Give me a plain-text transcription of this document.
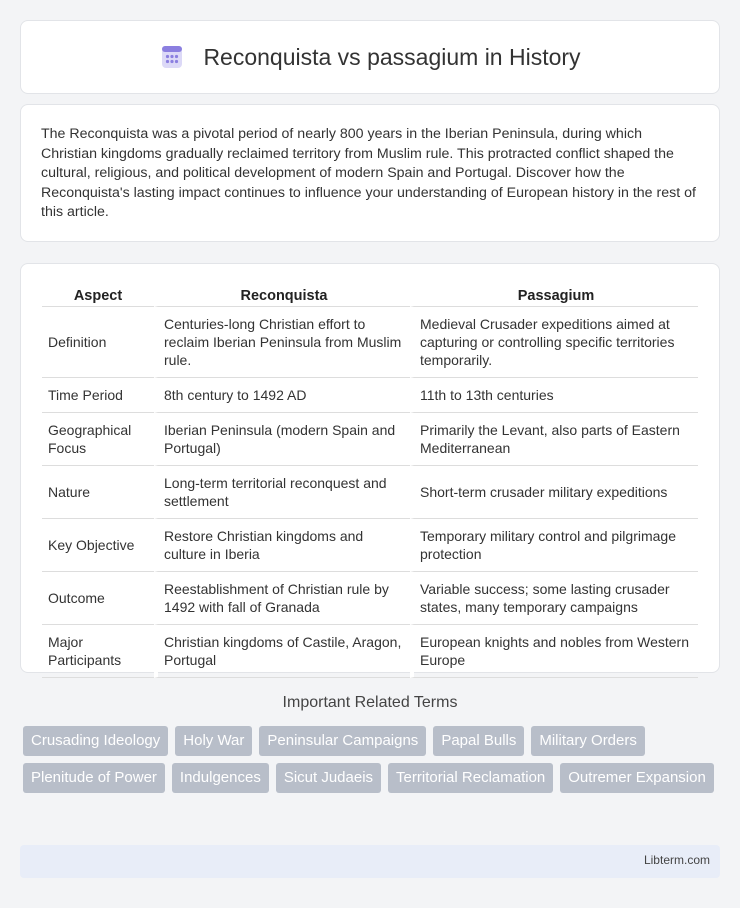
Reconquista vs passagium in History

The Reconquista was a pivotal period of nearly 800 years in the Iberian Peninsula, during which Christian kingdoms gradually reclaimed territory from Muslim rule. This protracted conflict shaped the cultural, religious, and political development of modern Spain and Portugal. Discover how the Reconquista's lasting impact continues to influence your understanding of European history in the rest of this article.

Aspect	Reconquista	Passagium
Definition	Centuries-long Christian effort to reclaim Iberian Peninsula from Muslim rule.	Medieval Crusader expeditions aimed at capturing or controlling specific territories temporarily.
Time Period	8th century to 1492 AD	11th to 13th centuries
Geographical Focus	Iberian Peninsula (modern Spain and Portugal)	Primarily the Levant, also parts of Eastern Mediterranean
Nature	Long-term territorial reconquest and settlement	Short-term crusader military expeditions
Key Objective	Restore Christian kingdoms and culture in Iberia	Temporary military control and pilgrimage protection
Outcome	Reestablishment of Christian rule by 1492 with fall of Granada	Variable success; some lasting crusader states, many temporary campaigns
Major Participants	Christian kingdoms of Castile, Aragon, Portugal	European knights and nobles from Western Europe
Important Related Terms
Crusading Ideology	Holy War	Peninsular Campaigns	Papal Bulls	Military Orders
Plenitude of Power	Indulgences	Sicut Judaeis	Territorial Reclamation	Outremer Expansion
Libterm.com
